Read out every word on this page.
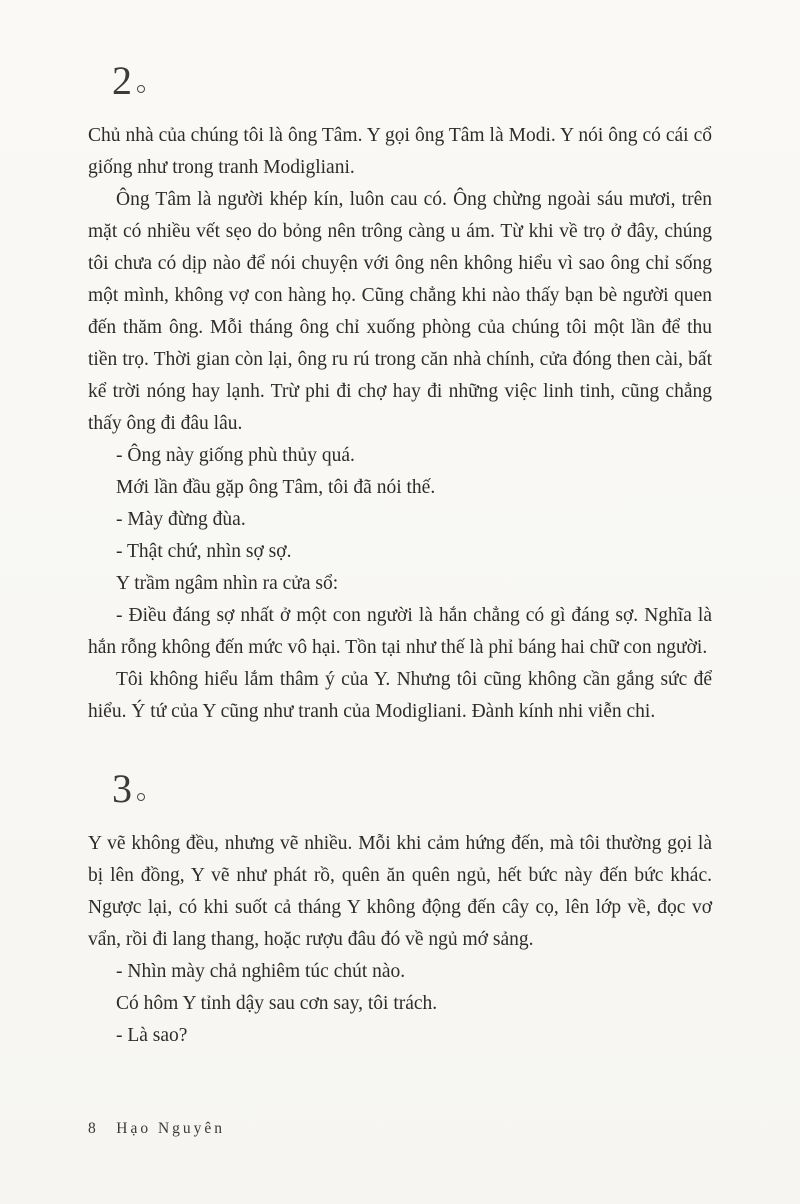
2

Chủ nhà của chúng tôi là ông Tâm. Y gọi ông Tâm là Modi. Y nói ông có cái cổ giống như trong tranh Modigliani.

Ông Tâm là người khép kín, luôn cau có. Ông chừng ngoài sáu mươi, trên mặt có nhiều vết sẹo do bỏng nên trông càng u ám. Từ khi về trọ ở đây, chúng tôi chưa có dịp nào để nói chuyện với ông nên không hiểu vì sao ông chỉ sống một mình, không vợ con hàng họ. Cũng chẳng khi nào thấy bạn bè người quen đến thăm ông. Mỗi tháng ông chỉ xuống phòng của chúng tôi một lần để thu tiền trọ. Thời gian còn lại, ông ru rú trong căn nhà chính, cửa đóng then cài, bất kể trời nóng hay lạnh. Trừ phi đi chợ hay đi những việc linh tinh, cũng chẳng thấy ông đi đâu lâu.

- Ông này giống phù thủy quá.

Mới lần đầu gặp ông Tâm, tôi đã nói thế.

- Mày đừng đùa.

- Thật chứ, nhìn sợ sợ.

Y trầm ngâm nhìn ra cửa sổ:

- Điều đáng sợ nhất ở một con người là hắn chẳng có gì đáng sợ. Nghĩa là hắn rỗng không đến mức vô hại. Tồn tại như thế là phỉ báng hai chữ con người.

Tôi không hiểu lắm thâm ý của Y. Nhưng tôi cũng không cần gắng sức để hiểu. Ý tứ của Y cũng như tranh của Modigliani. Đành kính nhi viễn chi.

3

Y vẽ không đều, nhưng vẽ nhiều. Mỗi khi cảm hứng đến, mà tôi thường gọi là bị lên đồng, Y vẽ như phát rồ, quên ăn quên ngủ, hết bức này đến bức khác. Ngược lại, có khi suốt cả tháng Y không động đến cây cọ, lên lớp về, đọc vơ vẩn, rồi đi lang thang, hoặc rượu đâu đó về ngủ mớ sảng.

- Nhìn mày chả nghiêm túc chút nào.

Có hôm Y tỉnh dậy sau cơn say, tôi trách.

- Là sao?

8 Hạo Nguyên
